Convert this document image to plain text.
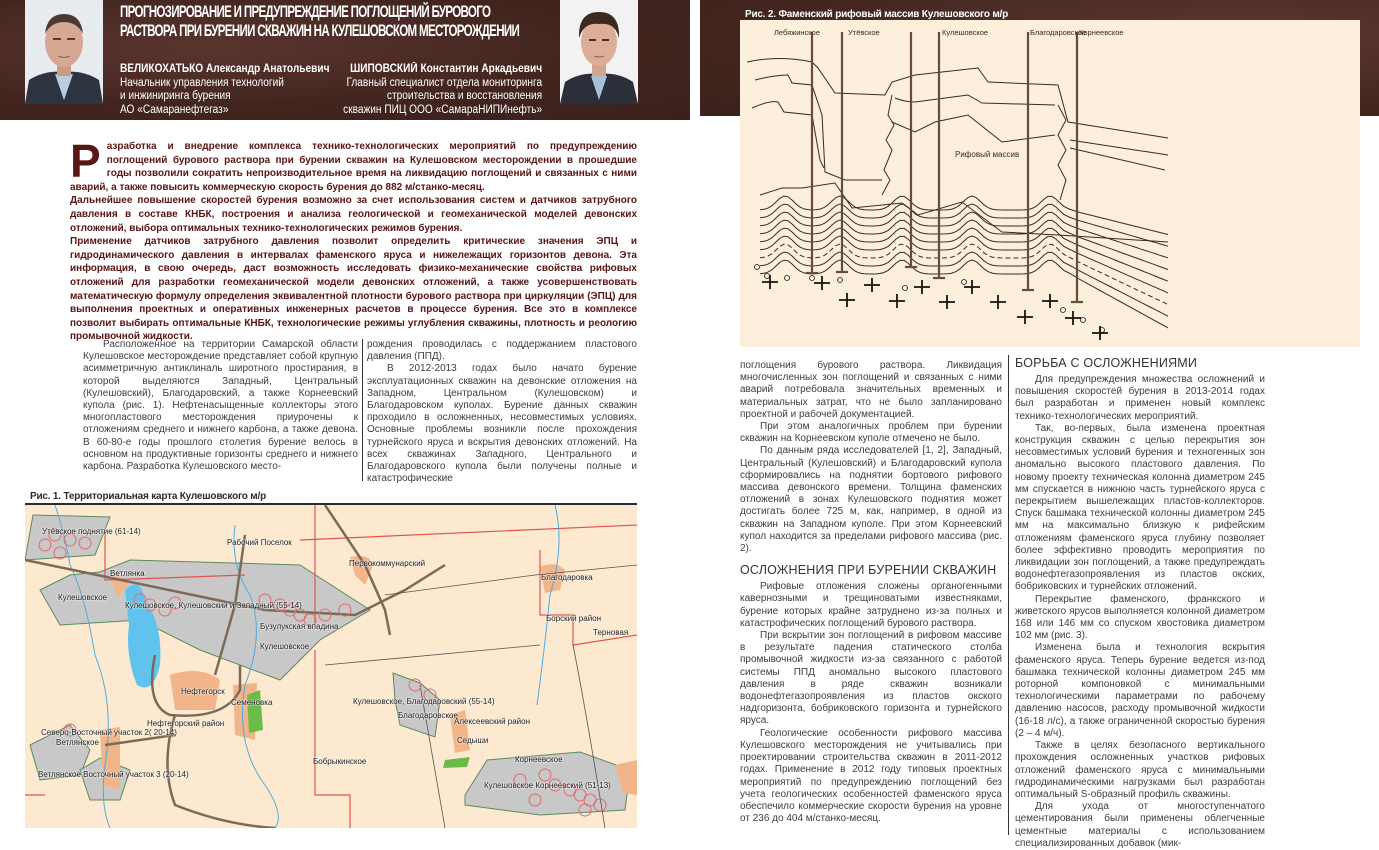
ПРОГНОЗИРОВАНИЕ И ПРЕДУПРЕЖДЕНИЕ ПОГЛОЩЕНИЙ БУРОВОГО
РАСТВОРА ПРИ БУРЕНИИ СКВАЖИН НА КУЛЕШОВСКОМ МЕСТОРОЖДЕНИИ
ВЕЛИКОХАТЬКО Александр Анатольевич
Начальник управления технологий
и инжиниринга бурения
АО «Самаранефтегаз»
ШИПОВСКИЙ Константин Аркадьевич
Главный специалист отдела мониторинга
строительства и восстановления
скважин ПИЦ ООО «СамараНИПИнефть»
Р азработка и внедрение комплекса технико-технологических мероприятий по предупреждению поглощений бурового раствора при бурении скважин на Кулешовском месторождении в прошедшие годы позволили сократить непроизводительное время на ликвидацию поглощений и связанных с ними аварий, а также повысить коммерческую скорость бурения до 882 м/станко-месяц.

Дальнейшее повышение скоростей бурения возможно за счет использования систем и датчиков затрубного давления в составе КНБК, построения и анализа геологической и геомеханической моделей девонских отложений, выбора оптимальных технико-технологических режимов бурения.

Применение датчиков затрубного давления позволит определить критические значения ЭПЦ и гидродинамического давления в интервалах фаменского яруса и нижележащих горизонтов девона. Эта информация, в свою очередь, даст возможность исследовать физико-механические свойства рифовых отложений для разработки геомеханической модели девонских отложений, а также усовершенствовать математическую формулу определения эквивалентной плотности бурового раствора при циркуляции (ЭПЦ) для выполнения проектных и оперативных инженерных расчетов в процессе бурения. Все это в комплексе позволит выбирать оптимальные КНБК, технологические режимы углубления скважины, плотность и реологию промывочной жидкости.

Расположенное на территории Самарской области Кулешовское месторождение представляет собой крупную асимметричную антиклиналь широтного простирания, в которой выделяются Западный, Центральный (Кулешовский), Благодаровский, а также Корнеевский купола (рис. 1). Нефтенасыщенные коллекторы этого многопластового месторождения приурочены к отложениям среднего и нижнего карбона, а также девона. В 60-80-е годы прошлого столетия бурение велось в основном на продуктивные горизонты среднего и нижнего карбона. Разработка Кулешовского место-

рождения проводилась с поддержанием пластового давления (ППД).

В 2012-2013 годах было начато бурение эксплуатационных скважин на девонские отложения на Западном, Центральном (Кулешовском) и Благодаровском куполах. Бурение данных скважин проходило в осложненных, несовместимых условиях. Основные проблемы возникли после прохождения турнейского яруса и вскрытия девонских отложений. На всех скважинах Западного, Центрального и Благодаровского купола были получены полные и катастрофические

Рис. 1. Территориальная карта Кулешовского м/р
Утёвское поднятие (61-14)
Рабочий Поселок
Ветлянка
Кулешовское
Кулешовское, Кулешовский и Западный (55-14)
Бузулукская впадина
Кулешовское
Первокоммунарский
Благодаровка
Борский район
Терновая
Нефтегорск
Семеновка
Нефтегорский район
Северо-Восточный участок 2( 20-14)
Ветлянское
Ветлянское Восточный участок 3 (20-14)
Бобрыкинское
Кулешовское, Благодаровский (55-14)
Благодаровское
Алексеевский район
Седыши
Корнеевское
Кулешовское Корнеевский (51-13)
Рис. 2. Фаменский рифовый массив Кулешовского м/р
Лебяжинское	Утёвское	Кулешовское	Благодаровское
Корнеевское
Рифовый массив

поглощения бурового раствора. Ликвидация многочисленных зон поглощений и связанных с ними аварий потребовала значительных временных и материальных затрат, что не было запланировано проектной и рабочей документацией.

При этом аналогичных проблем при бурении скважин на Корнеевском куполе отмечено не было.

По данным ряда исследователей [1, 2], Западный, Центральный (Кулешовский) и Благодаровский купола сформировались на поднятии бортового рифового массива девонского времени. Толщина фаменских отложений в зонах Кулешовского поднятия может достигать более 725 м, как, например, в одной из скважин на Западном куполе. При этом Корнеевский купол находится за пределами рифового массива (рис. 2).

ОСЛОЖНЕНИЯ ПРИ БУРЕНИИ СКВАЖИН

Рифовые отложения сложены органогенными кавернозными и трещиноватыми известняками, бурение которых крайне затруднено из-за полных и катастрофических поглощений бурового раствора.

При вскрытии зон поглощений в рифовом массиве в результате падения статического столба промывочной жидкости из-за связанного с работой системы ППД аномально высокого пластового давления в ряде скважин возникали водонефтегазопроявления из пластов окского надгоризонта, бобриковского горизонта и турнейского яруса.

Геологические особенности рифового массива Кулешовского месторождения не учитывались при проектировании строительства скважин в 2011-2012 годах. Применение в 2012 году типовых проектных мероприятий по предупреждению поглощений без учета геологических особенностей фаменского яруса обеспечило коммерческие скорости бурения на уровне от 236 до 404 м/станко-месяц.

БОРЬБА С ОСЛОЖНЕНИЯМИ

Для предупреждения множества осложнений и повышения скоростей бурения в 2013-2014 годах был разработан и применен новый комплекс технико-технологических мероприятий.

Так, во-первых, была изменена проектная конструкция скважин с целью перекрытия зон несовместимых условий бурения и техногенных зон аномально высокого пластового давления. По новому проекту техническая колонна диаметром 245 мм спускается в нижнюю часть турнейского яруса с перекрытием вышележащих пластов-коллекторов. Спуск башмака технической колонны диаметром 245 мм на максимально близкую к рифейским отложениям фаменского яруса глубину позволяет более эффективно проводить мероприятия по ликвидации зон поглощений, а также предупреждать водонефтегазопроявления из пластов окских, бобриковских и турнейских отложений.

Перекрытие фаменского, франкского и живетского ярусов выполняется колонной диаметром 168 или 146 мм со спуском хвостовика диаметром 102 мм (рис. 3).

Изменена была и технология вскрытия фаменского яруса. Теперь бурение ведется из-под башмака технической колонны диаметром 245 мм роторной компоновкой с минимальными технологическими параметрами по рабочему давлению насосов, расходу промывочной жидкости (16-18 л/с), а также ограниченной скоростью бурения (2 – 4 м/ч).

Также в целях безопасного вертикального прохождения осложненных участков рифовых отложений фаменского яруса с минимальными гидродинамическими нагрузками был разработан оптимальный S-образный профиль скважины.

Для ухода от многоступенчатого цементирования были применены облегченные цементные материалы с использованием специализированных добавок (мик-
